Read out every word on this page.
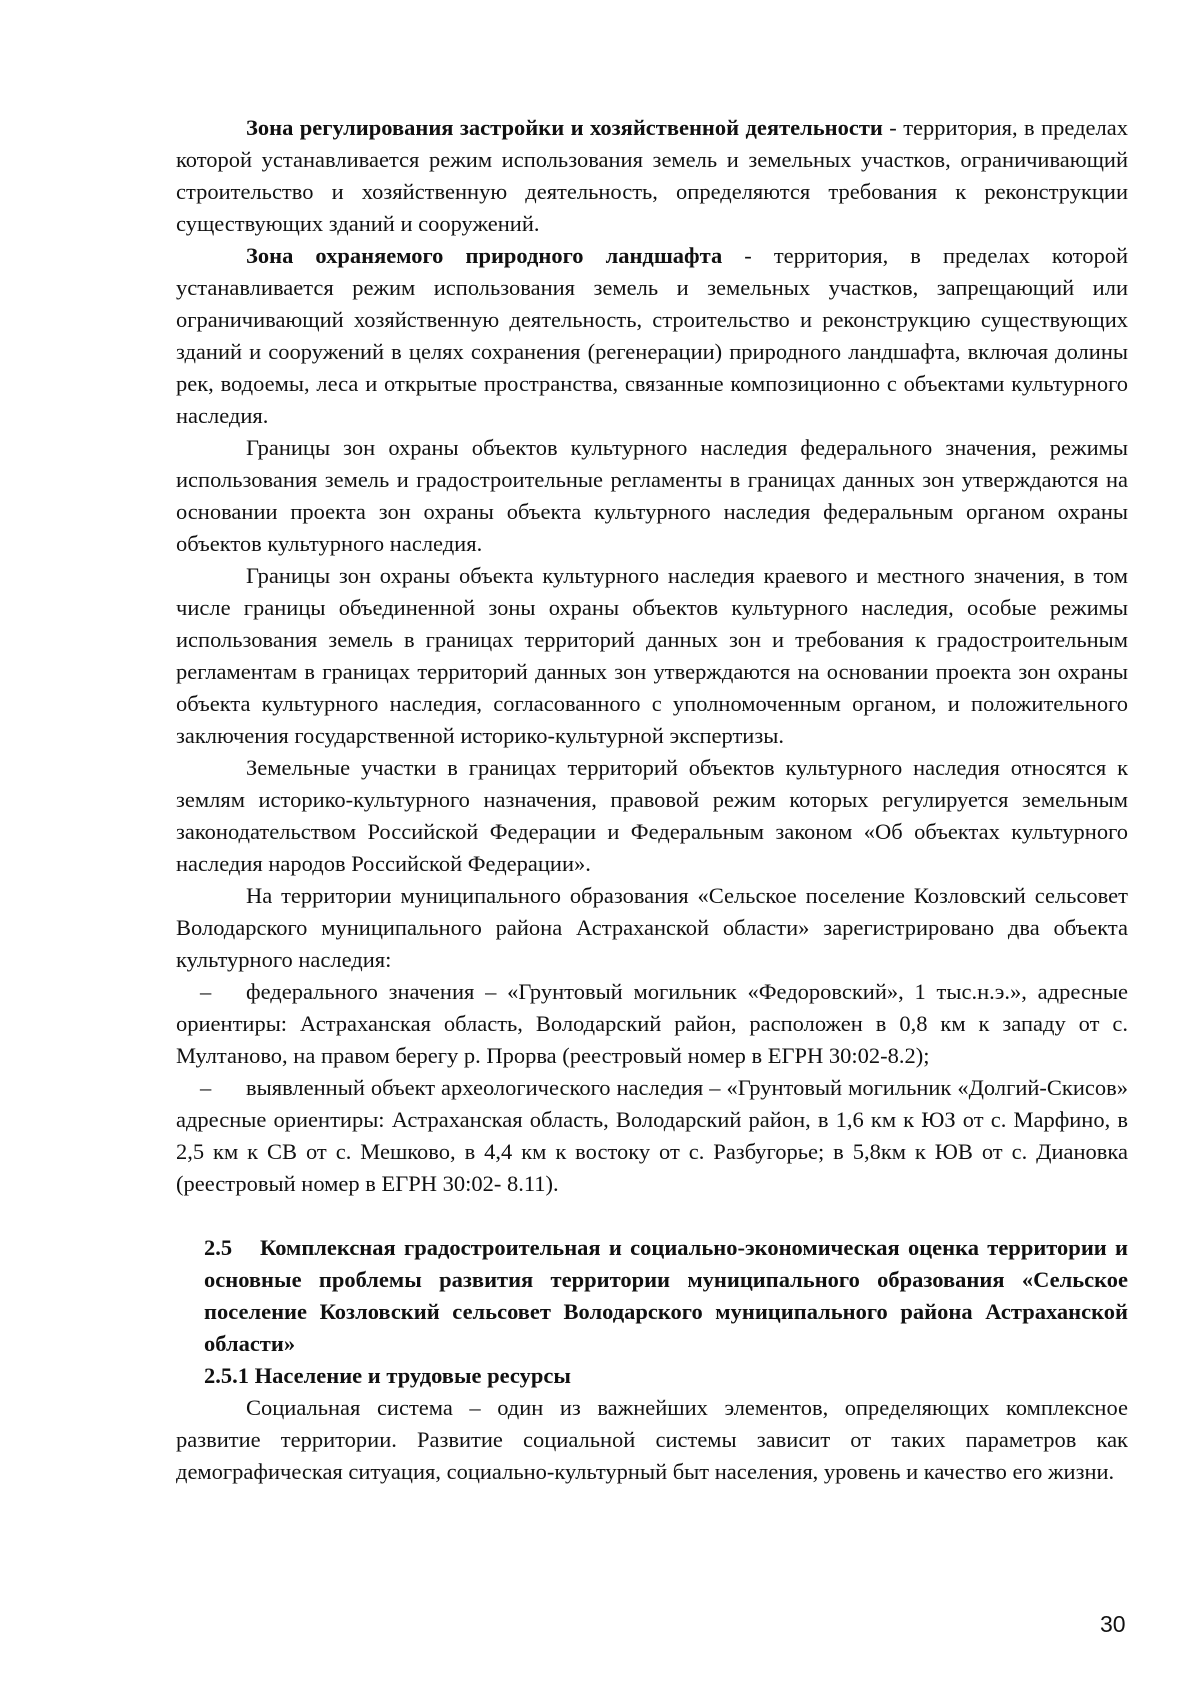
Зона регулирования застройки и хозяйственной деятельности - территория, в пределах которой устанавливается режим использования земель и земельных участков, ограничивающий строительство и хозяйственную деятельность, определяются требования к реконструкции существующих зданий и сооружений.

Зона охраняемого природного ландшафта - территория, в пределах которой устанавливается режим использования земель и земельных участков, запрещающий или ограничивающий хозяйственную деятельность, строительство и реконструкцию существующих зданий и сооружений в целях сохранения (регенерации) природного ландшафта, включая долины рек, водоемы, леса и открытые пространства, связанные композиционно с объектами культурного наследия.

Границы зон охраны объектов культурного наследия федерального значения, режимы использования земель и градостроительные регламенты в границах данных зон утверждаются на основании проекта зон охраны объекта культурного наследия федеральным органом охраны объектов культурного наследия.

Границы зон охраны объекта культурного наследия краевого и местного значения, в том числе границы объединенной зоны охраны объектов культурного наследия, особые режимы использования земель в границах территорий данных зон и требования к градостроительным регламентам в границах территорий данных зон утверждаются на основании проекта зон охраны объекта культурного наследия, согласованного с уполномоченным органом, и положительного заключения государственной историко-культурной экспертизы.

Земельные участки в границах территорий объектов культурного наследия относятся к землям историко-культурного назначения, правовой режим которых регулируется земельным законодательством Российской Федерации и Федеральным законом «Об объектах культурного наследия народов Российской Федерации».

На территории муниципального образования «Сельское поселение Козловский сельсовет Володарского муниципального района Астраханской области» зарегистрировано два объекта культурного наследия:

– федерального значения – «Грунтовый могильник «Федоровский», 1 тыс.н.э.», адресные ориентиры: Астраханская область, Володарский район, расположен в 0,8 км к западу от с. Мултаново, на правом берегу р. Прорва (реестровый номер в ЕГРН 30:02-8.2);

– выявленный объект археологического наследия – «Грунтовый могильник «Долгий-Скисов» адресные ориентиры: Астраханская область, Володарский район, в 1,6 км к ЮЗ от с. Марфино, в 2,5 км к СВ от с. Мешково, в 4,4 км к востоку от с. Разбугорье; в 5,8км к ЮВ от с. Диановка (реестровый номер в ЕГРН 30:02- 8.11).

2.5 Комплексная градостроительная и социально-экономическая оценка территории и основные проблемы развития территории муниципального образования «Сельское поселение Козловский сельсовет Володарского муниципального района Астраханской области»

2.5.1 Население и трудовые ресурсы

Социальная система – один из важнейших элементов, определяющих комплексное развитие территории. Развитие социальной системы зависит от таких параметров как демографическая ситуация, социально-культурный быт населения, уровень и качество его жизни.

30
